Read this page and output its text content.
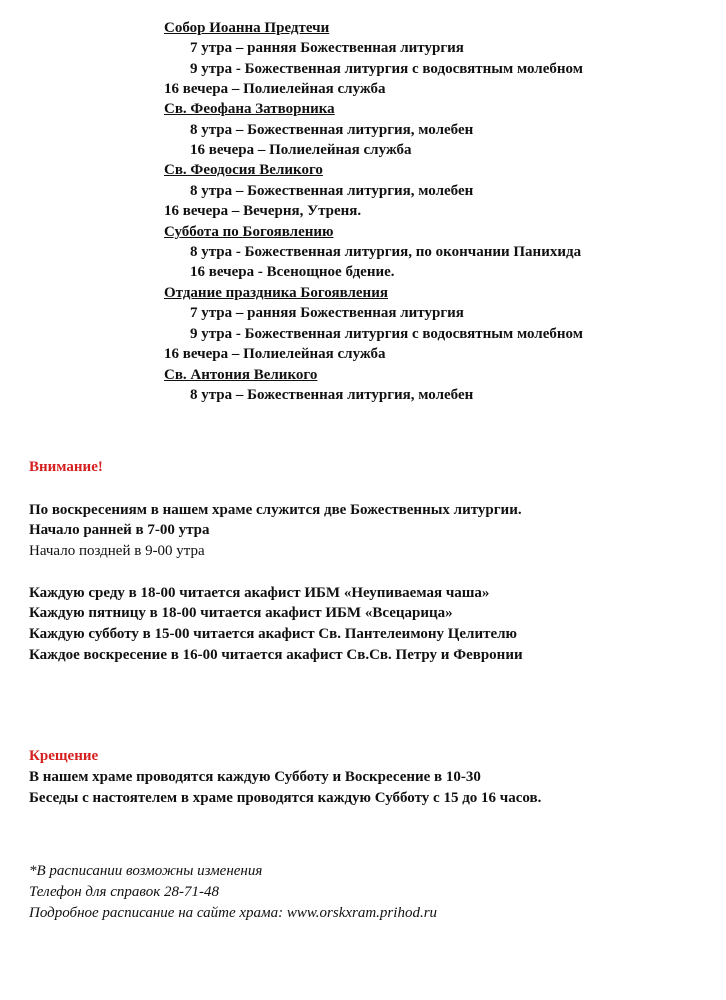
Собор Иоанна Предтечи
7 утра – ранняя Божественная литургия
9 утра - Божественная литургия с водосвятным молебном
16 вечера – Полиелейная служба
Св. Феофана Затворника
8 утра – Божественная литургия, молебен
16 вечера – Полиелейная служба
Св. Феодосия Великого
8 утра – Божественная литургия, молебен
16 вечера – Вечерня, Утреня.
Суббота по Богоявлению
8 утра - Божественная литургия, по окончании Панихида
16 вечера - Всенощное бдение.
Отдание праздника Богоявления
7 утра – ранняя Божественная литургия
9 утра - Божественная литургия с водосвятным молебном
16 вечера – Полиелейная служба
Св. Антония Великого
8 утра – Божественная литургия, молебен
Внимание!
По воскресениям в нашем храме служится две Божественных литургии.
Начало ранней в 7-00 утра
Начало поздней в 9-00 утра
Каждую среду в 18-00 читается акафист ИБМ «Неупиваемая чаша»
Каждую пятницу в 18-00 читается акафист ИБМ «Всецарица»
Каждую субботу в 15-00 читается акафист Св. Пантелеимону Целителю
Каждое воскресение в 16-00 читается акафист Св.Св. Петру и Февронии
Крещение
В нашем храме проводятся каждую Субботу и Воскресение в 10-30
Беседы с настоятелем в храме проводятся каждую Субботу с 15 до 16 часов.
*В расписании возможны изменения
Телефон для справок 28-71-48
Подробное расписание на сайте храма: www.orskxram.prihod.ru
